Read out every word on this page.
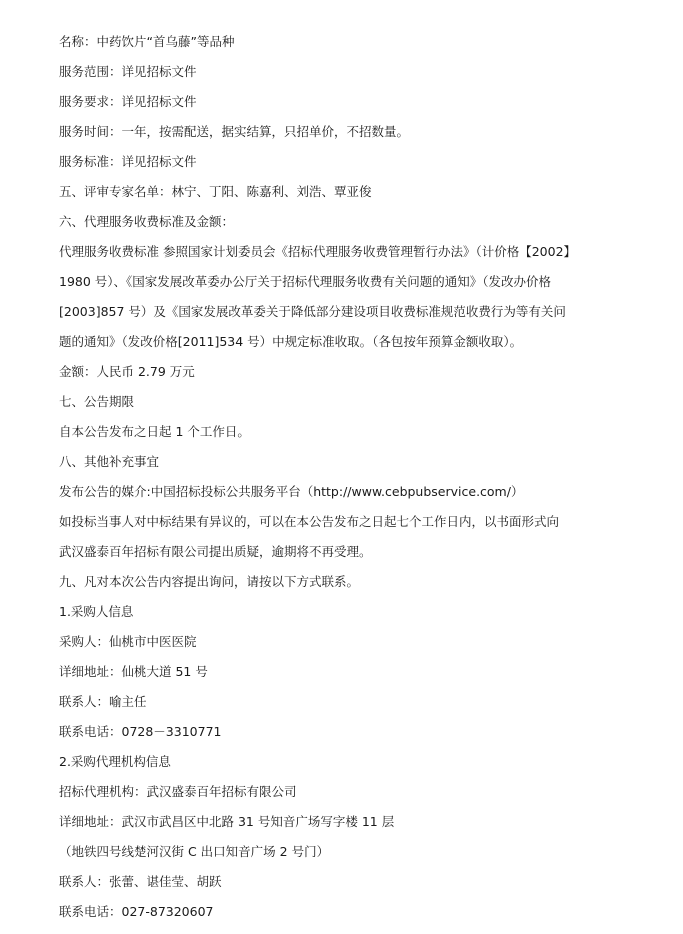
名称：中药饮片“首乌藤”等品种
服务范围：详见招标文件
服务要求：详见招标文件
服务时间：一年，按需配送，据实结算，只招单价，不招数量。
服务标准：详见招标文件
五、评审专家名单：林宁、丁阳、陈嘉利、刘浩、覃亚俊
六、代理服务收费标准及金额：
代理服务收费标准 参照国家计划委员会《招标代理服务收费管理暂行办法》（计价格【2002】
1980 号）、《国家发展改革委办公厅关于招标代理服务收费有关问题的通知》（发改办价格
[2003]857 号）及《国家发展改革委关于降低部分建设项目收费标准规范收费行为等有关问
题的通知》（发改价格[2011]534 号）中规定标准收取。（各包按年预算金额收取）。
金额：人民币 2.79 万元
七、公告期限
自本公告发布之日起 1 个工作日。
八、其他补充事宜
发布公告的媒介:中国招标投标公共服务平台（http://www.cebpubservice.com/）
如投标当事人对中标结果有异议的，可以在本公告发布之日起七个工作日内，以书面形式向
武汉盛泰百年招标有限公司提出质疑，逾期将不再受理。
九、凡对本次公告内容提出询问，请按以下方式联系。
1.采购人信息
采购人：仙桃市中医医院
详细地址：仙桃大道 51 号
联系人：喻主任
联系电话：0728－3310771
2.采购代理机构信息
招标代理机构：武汉盛泰百年招标有限公司
详细地址：武汉市武昌区中北路 31 号知音广场写字楼 11 层
（地铁四号线楚河汉街 C 出口知音广场 2 号门）
联系人：张蕾、谌佳莹、胡跃
联系电话：027-87320607
